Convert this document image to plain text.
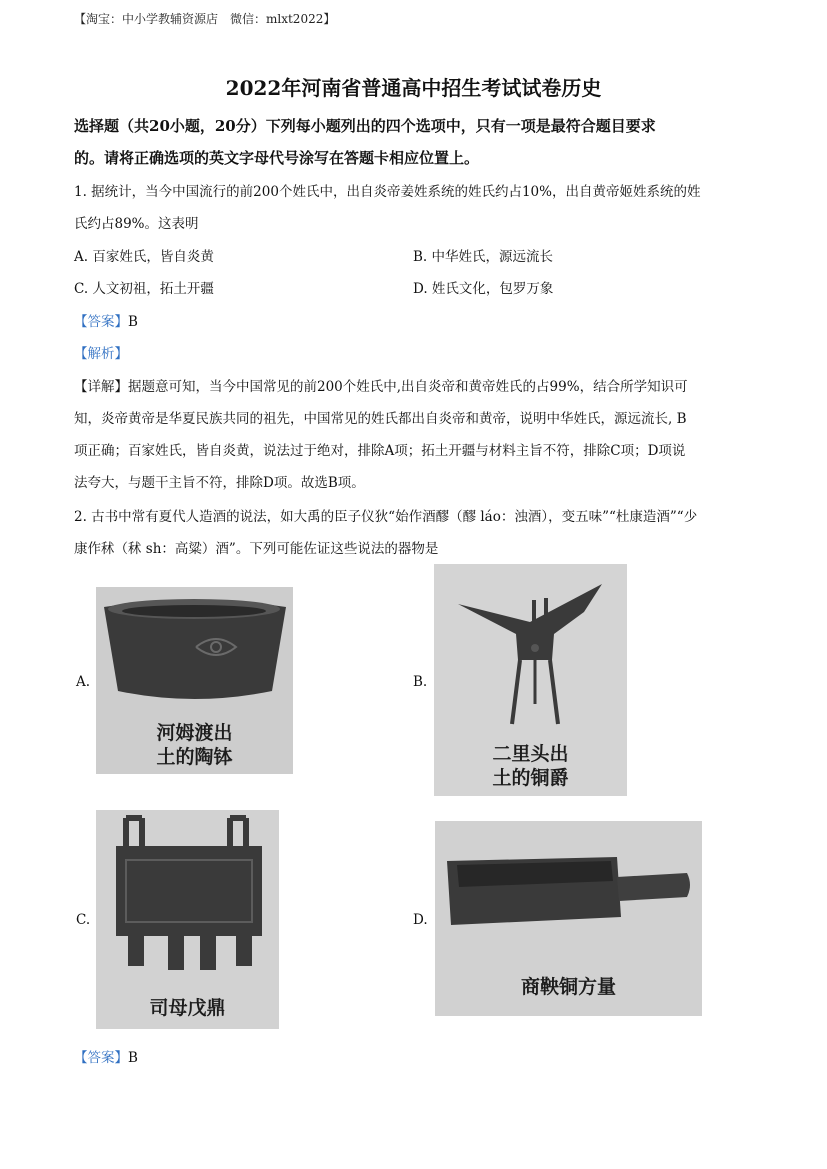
【淘宝：中小学教辅资源店　微信：mlxt2022】
2022年河南省普通高中招生考试试卷历史
选择题（共20小题，20分）下列每小题列出的四个选项中，只有一项是最符合题目要求
的。请将正确选项的英文字母代号涂写在答题卡相应位置上。
1. 据统计，当今中国流行的前200个姓氏中，出自炎帝姜姓系统的姓氏约占10%，出自黄帝姬姓系统的姓
氏约占89%。这表明
A. 百家姓氏，皆自炎黄	B. 中华姓氏，源远流长
C. 人文初祖，拓土开疆	D. 姓氏文化，包罗万象
【答案】B
【解析】
【详解】据题意可知，当今中国常见的前200个姓氏中,出自炎帝和黄帝姓氏的占99%，结合所学知识可
知，炎帝黄帝是华夏民族共同的祖先，中国常见的姓氏都出自炎帝和黄帝，说明中华姓氏，源远流长, B
项正确；百家姓氏，皆自炎黄，说法过于绝对，排除A项；拓土开疆与材料主旨不符，排除C项；D项说
法夸大，与题干主旨不符，排除D项。故选B项。
2. 古书中常有夏代人造酒的说法，如大禹的臣子仪狄“始作酒醪（醪 láo：浊酒），变五味”“杜康造酒”“少
康作秫（秫 sh：高粱）酒”。下列可能佐证这些说法的器物是
A.
河姆渡出
土的陶钵
B.
二里头出
土的铜爵
C.
司母戊鼎
D.
商鞅铜方量
【答案】B
